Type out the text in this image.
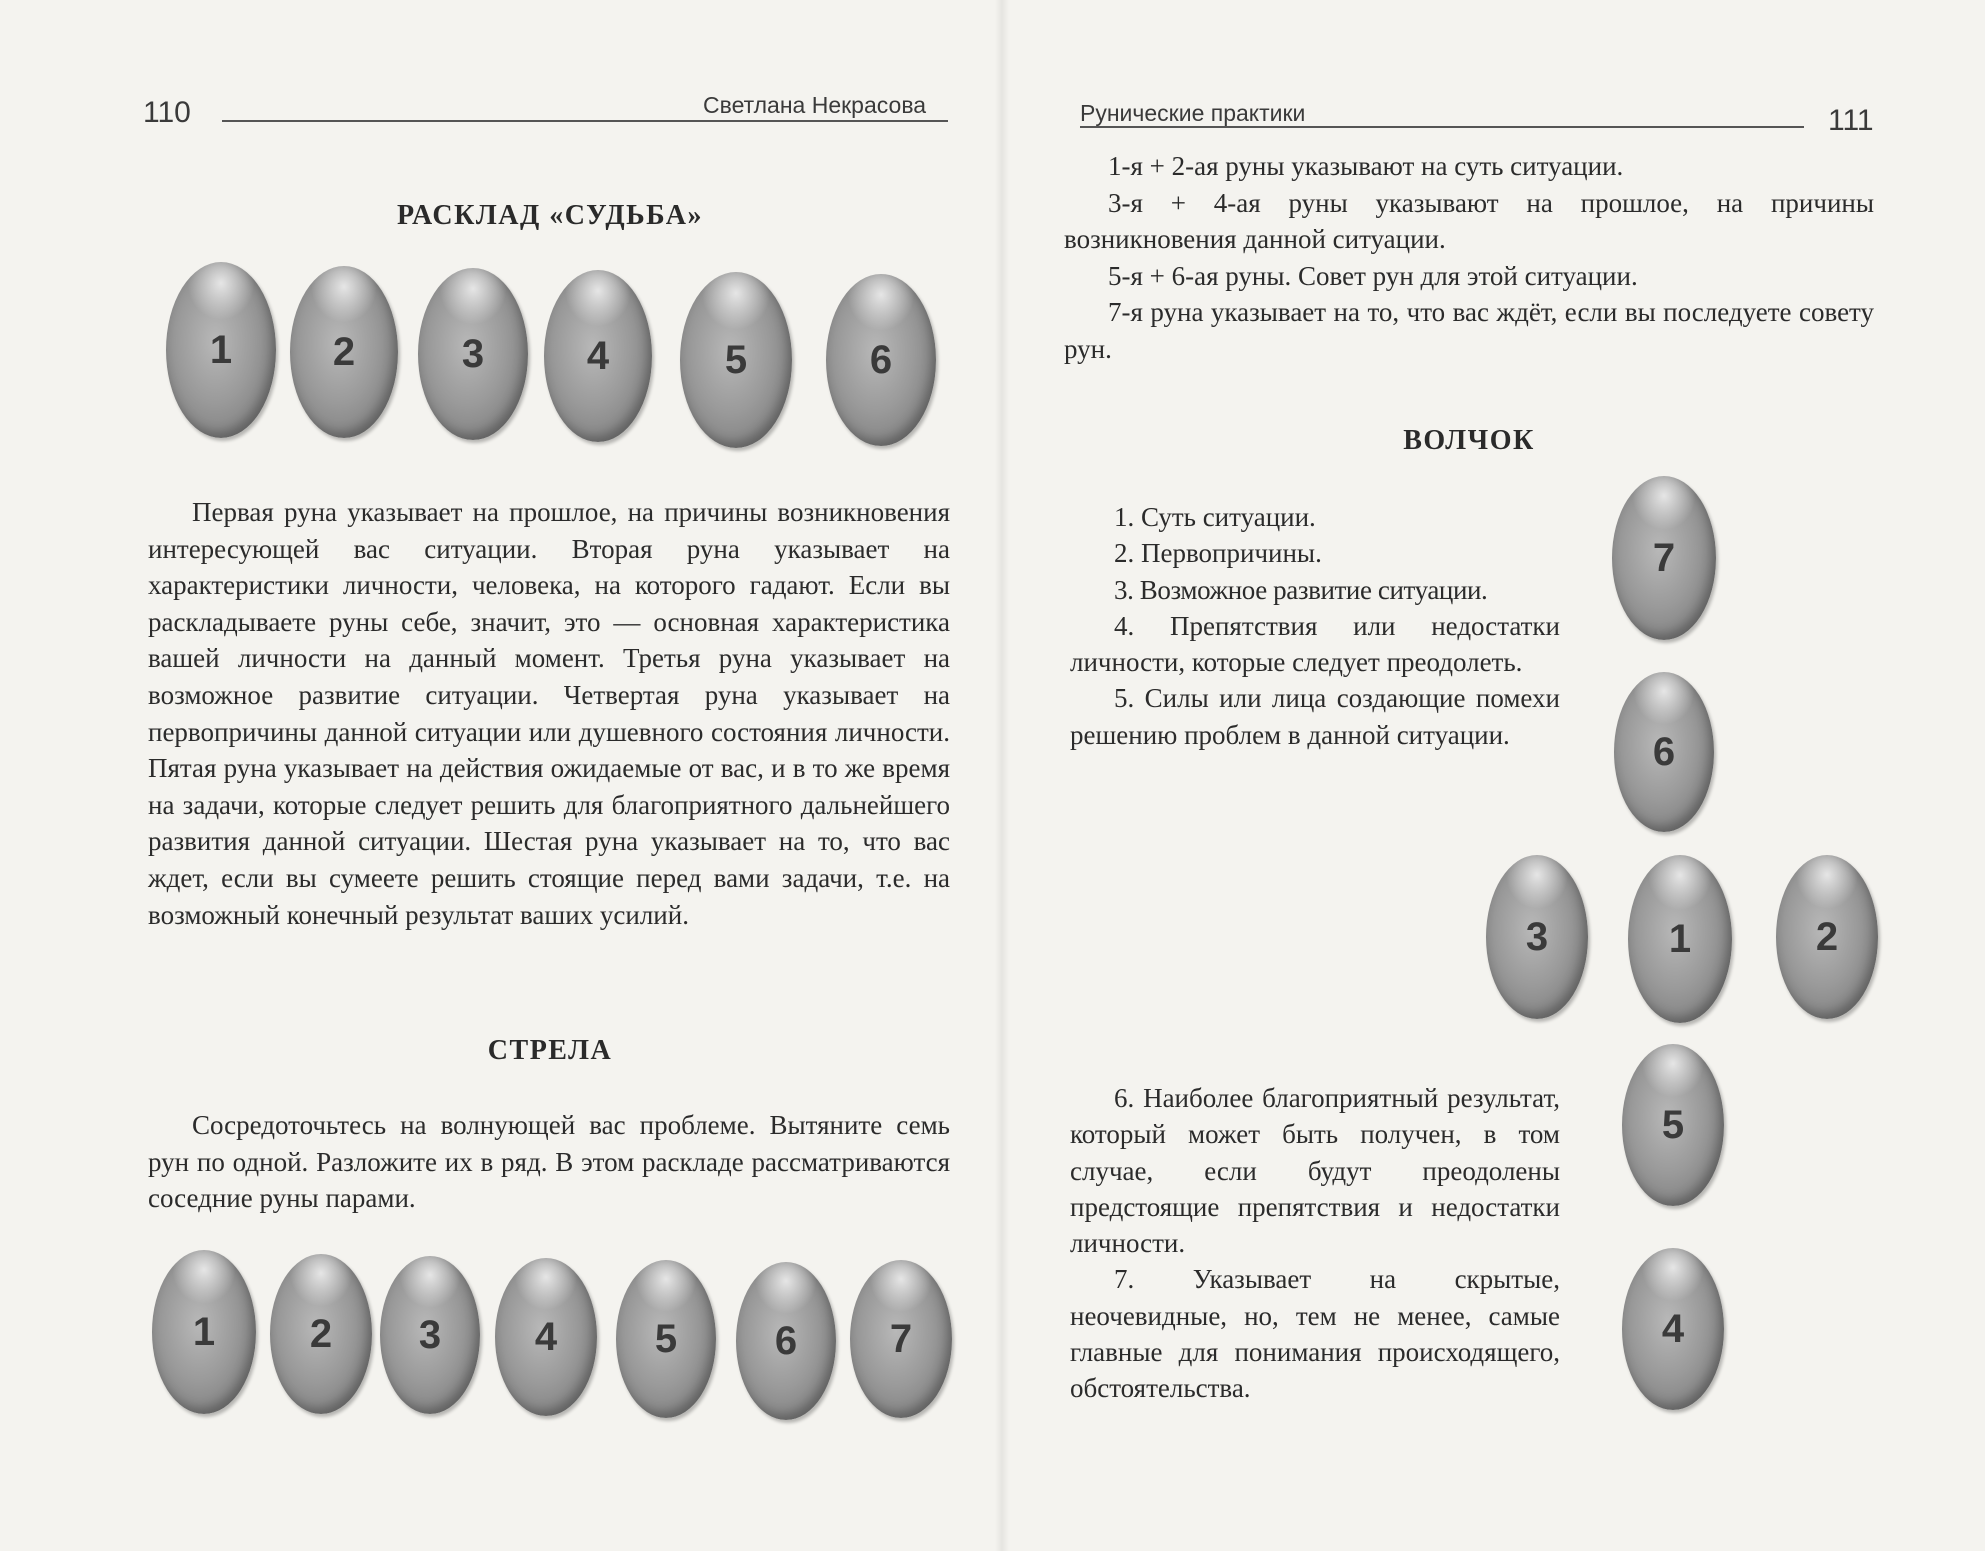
110	Светлана Некрасова
РАСКЛАД «СУДЬБА»
1	2	3	4	5	6

Первая руна указывает на прошлое, на причины возникновения интересующей вас ситуации. Вторая руна указывает на характеристики личности, человека, на которого гадают. Если вы раскладываете руны себе, значит, это — основная характеристика вашей личности на данный момент. Третья руна указывает на возможное развитие ситуации. Четвертая руна указывает на первопричины данной ситуации или душевного состояния личности. Пятая руна указывает на действия ожидаемые от вас, и в то же время на задачи, которые следует решить для благоприятного дальнейшего развития данной ситуации. Шестая руна указывает на то, что вас ждет, если вы сумеете решить стоящие перед вами задачи, т.е. на возможный конечный результат ваших усилий.

СТРЕЛА

Сосредоточьтесь на волнующей вас проблеме. Вытяните семь рун по одной. Разложите их в ряд. В этом раскладе рассматриваются соседние руны парами.

1 2 3 4 5 6 7
Рунические практики	111

1-я + 2-ая руны указывают на суть ситуации.

3-я + 4-ая руны указывают на прошлое, на причины возникновения данной ситуации.

5-я + 6-ая руны. Совет рун для этой ситуации.

7-я руна указывает на то, что вас ждёт, если вы последуете совету рун.

ВОЛЧОК

1. Суть ситуации.

2. Первопричины.

3. Возможное развитие ситуации.

4. Препятствия или недостатки личности, которые следует преодолеть.

5. Силы или лица создающие помехи решению проблем в данной ситуации.

6. Наиболее благоприятный результат, который может быть получен, в том случае, если будут преодолены предстоящие препятствия и недостатки личности.

7. Указывает на скрытые, неочевидные, но, тем не менее, самые главные для понимания происходящего, обстоятельства.

7
6
3	1	2
5
4
